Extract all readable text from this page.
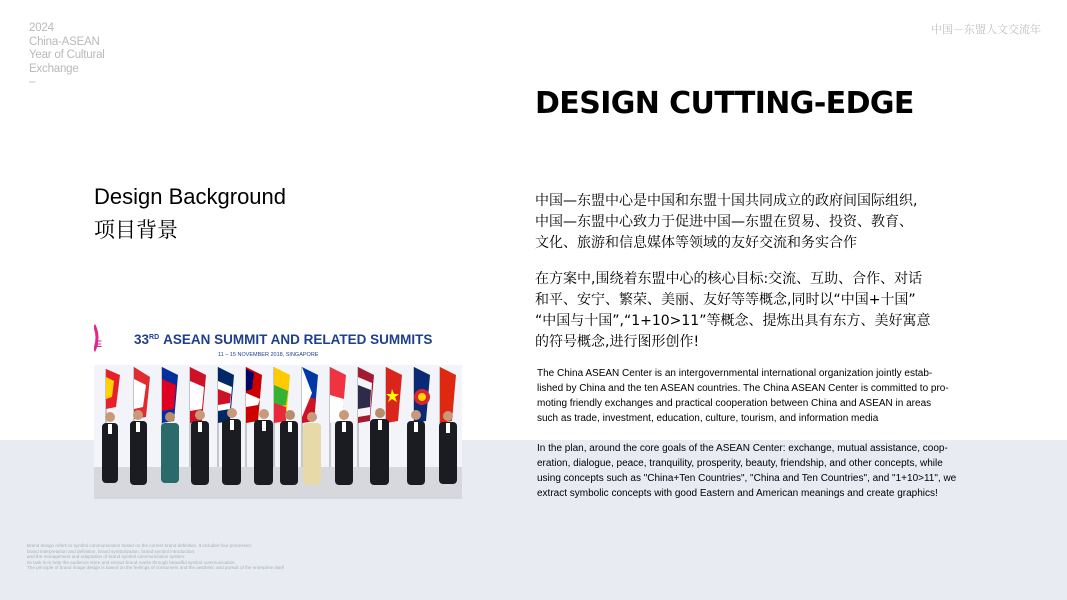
2024
China-ASEAN
Year of Cultural
Exchange
–
中国－东盟人文交流年
DESIGN CUTTING-EDGE
Design Background
项目背景
E 33RD ASEAN SUMMIT AND RELATED SUMMITS
11 – 15 NOVEMBER 2018, SINGAPORE
中国—东盟中心是中国和东盟十国共同成立的政府间国际组织,
中国—东盟中心致力于促进中国—东盟在贸易、投资、教育、
文化、旅游和信息媒体等领域的友好交流和务实合作
在方案中,围绕着东盟中心的核心目标:交流、互助、合作、对话
和平、安宁、繁荣、美丽、友好等等概念,同时以“中国+十国”
“中国与十国”,“1+10>11”等概念、提炼出具有东方、美好寓意
的符号概念,进行图形创作!
The China ASEAN Center is an intergovernmental international organization jointly estab-
lished by China and the ten ASEAN countries. The China ASEAN Center is committed to pro-
moting friendly exchanges and practical cooperation between China and ASEAN in areas
such as trade, investment, education, culture, tourism, and information media
In the plan, around the core goals of the ASEAN Center: exchange, mutual assistance, coop-
eration, dialogue, peace, tranquility, prosperity, beauty, friendship, and other concepts, while
using concepts such as "China+Ten Countries", "China and Ten Countries", and "1+10>11", we
extract symbolic concepts with good Eastern and American meanings and create graphics!
Brand design refers to symbol communication based on the correct brand definition. It includes four processes:
brand interpretation and definition, brand symbolization, brand symbol introduction,
and the management and adaptation of brand symbol communication system.
Its task is to help the audience store and extract brand marks through beautiful symbol communication.
The principle of brand image design is based on the feelings of consumers and the aesthetic and pursuit of the enterprise itself
